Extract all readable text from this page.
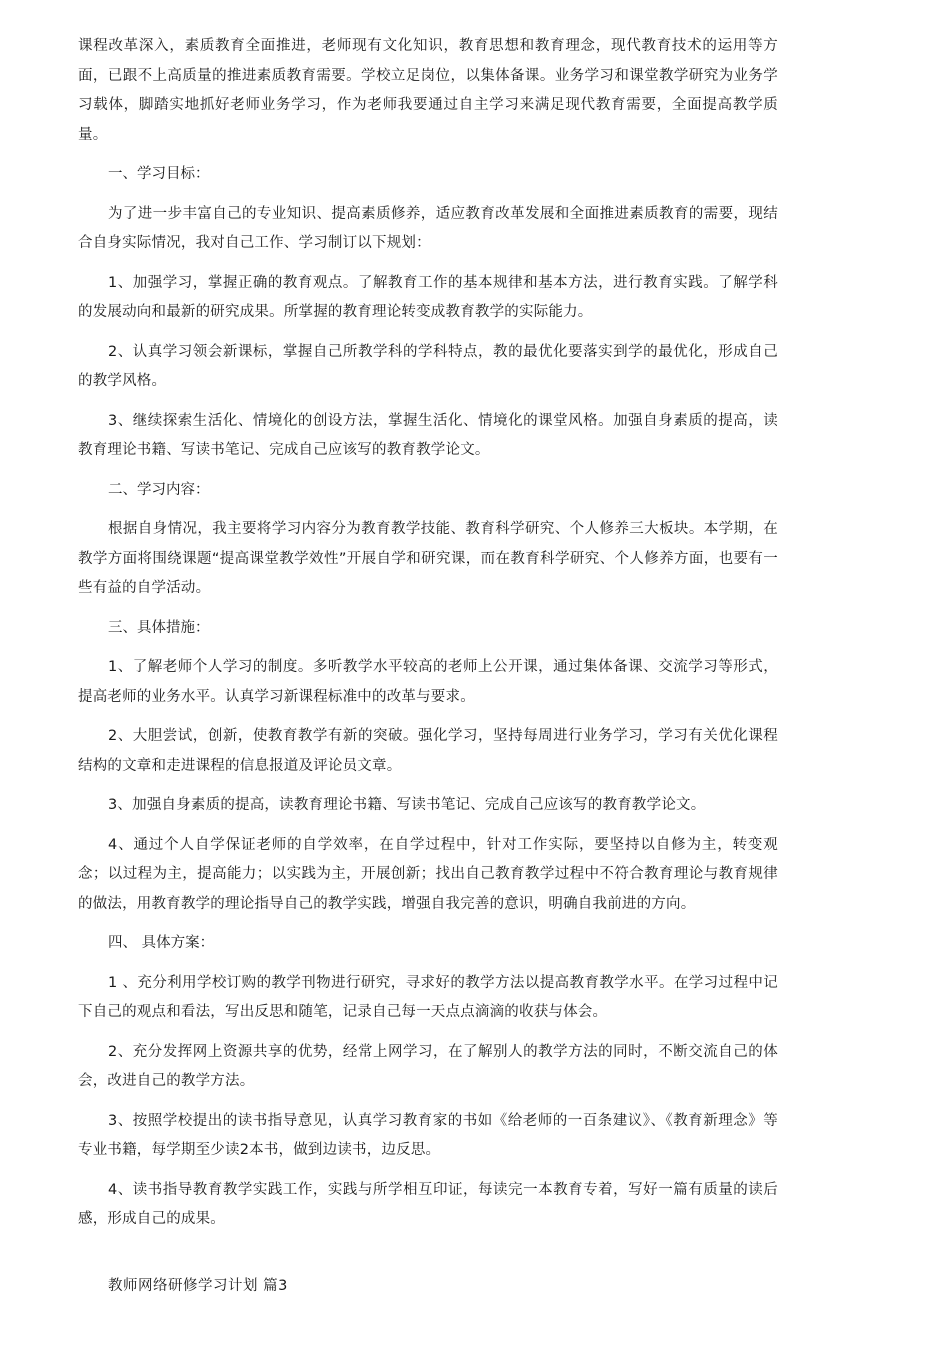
课程改革深入，素质教育全面推进，老师现有文化知识，教育思想和教育理念，现代教育技术的运用等方面，已跟不上高质量的推进素质教育需要。学校立足岗位，以集体备课。业务学习和课堂教学研究为业务学习载体，脚踏实地抓好老师业务学习，作为老师我要通过自主学习来满足现代教育需要，全面提高教学质量。

一、学习目标：

为了进一步丰富自己的专业知识、提高素质修养，适应教育改革发展和全面推进素质教育的需要，现结合自身实际情况，我对自己工作、学习制订以下规划：

1、加强学习，掌握正确的教育观点。了解教育工作的基本规律和基本方法，进行教育实践。了解学科的发展动向和最新的研究成果。所掌握的教育理论转变成教育教学的实际能力。

2、认真学习领会新课标，掌握自己所教学科的学科特点，教的最优化要落实到学的最优化，形成自己的教学风格。

3、继续探索生活化、情境化的创设方法，掌握生活化、情境化的课堂风格。加强自身素质的提高，读教育理论书籍、写读书笔记、完成自己应该写的教育教学论文。

二、学习内容：

根据自身情况，我主要将学习内容分为教育教学技能、教育科学研究、个人修养三大板块。本学期，在教学方面将围绕课题“提高课堂教学效性”开展自学和研究课，而在教育科学研究、个人修养方面，也要有一些有益的自学活动。

三、具体措施：

1、了解老师个人学习的制度。多听教学水平较高的老师上公开课，通过集体备课、交流学习等形式，提高老师的业务水平。认真学习新课程标准中的改革与要求。

2、大胆尝试，创新，使教育教学有新的突破。强化学习，坚持每周进行业务学习，学习有关优化课程结构的文章和走进课程的信息报道及评论员文章。

3、加强自身素质的提高，读教育理论书籍、写读书笔记、完成自己应该写的教育教学论文。

4、通过个人自学保证老师的自学效率，在自学过程中，针对工作实际，要坚持以自修为主，转变观念；以过程为主，提高能力；以实践为主，开展创新；找出自己教育教学过程中不符合教育理论与教育规律的做法，用教育教学的理论指导自己的教学实践，增强自我完善的意识，明确自我前进的方向。

四、 具体方案：

1 、充分利用学校订购的教学刊物进行研究，寻求好的教学方法以提高教育教学水平。在学习过程中记下自己的观点和看法，写出反思和随笔，记录自己每一天点点滴滴的收获与体会。

2、充分发挥网上资源共享的优势，经常上网学习，在了解别人的教学方法的同时，不断交流自己的体会，改进自己的教学方法。

3、按照学校提出的读书指导意见，认真学习教育家的书如《给老师的一百条建议》、《教育新理念》等专业书籍，每学期至少读2本书，做到边读书，边反思。

4、读书指导教育教学实践工作，实践与所学相互印证，每读完一本教育专着，写好一篇有质量的读后感，形成自己的成果。

教师网络研修学习计划 篇3
